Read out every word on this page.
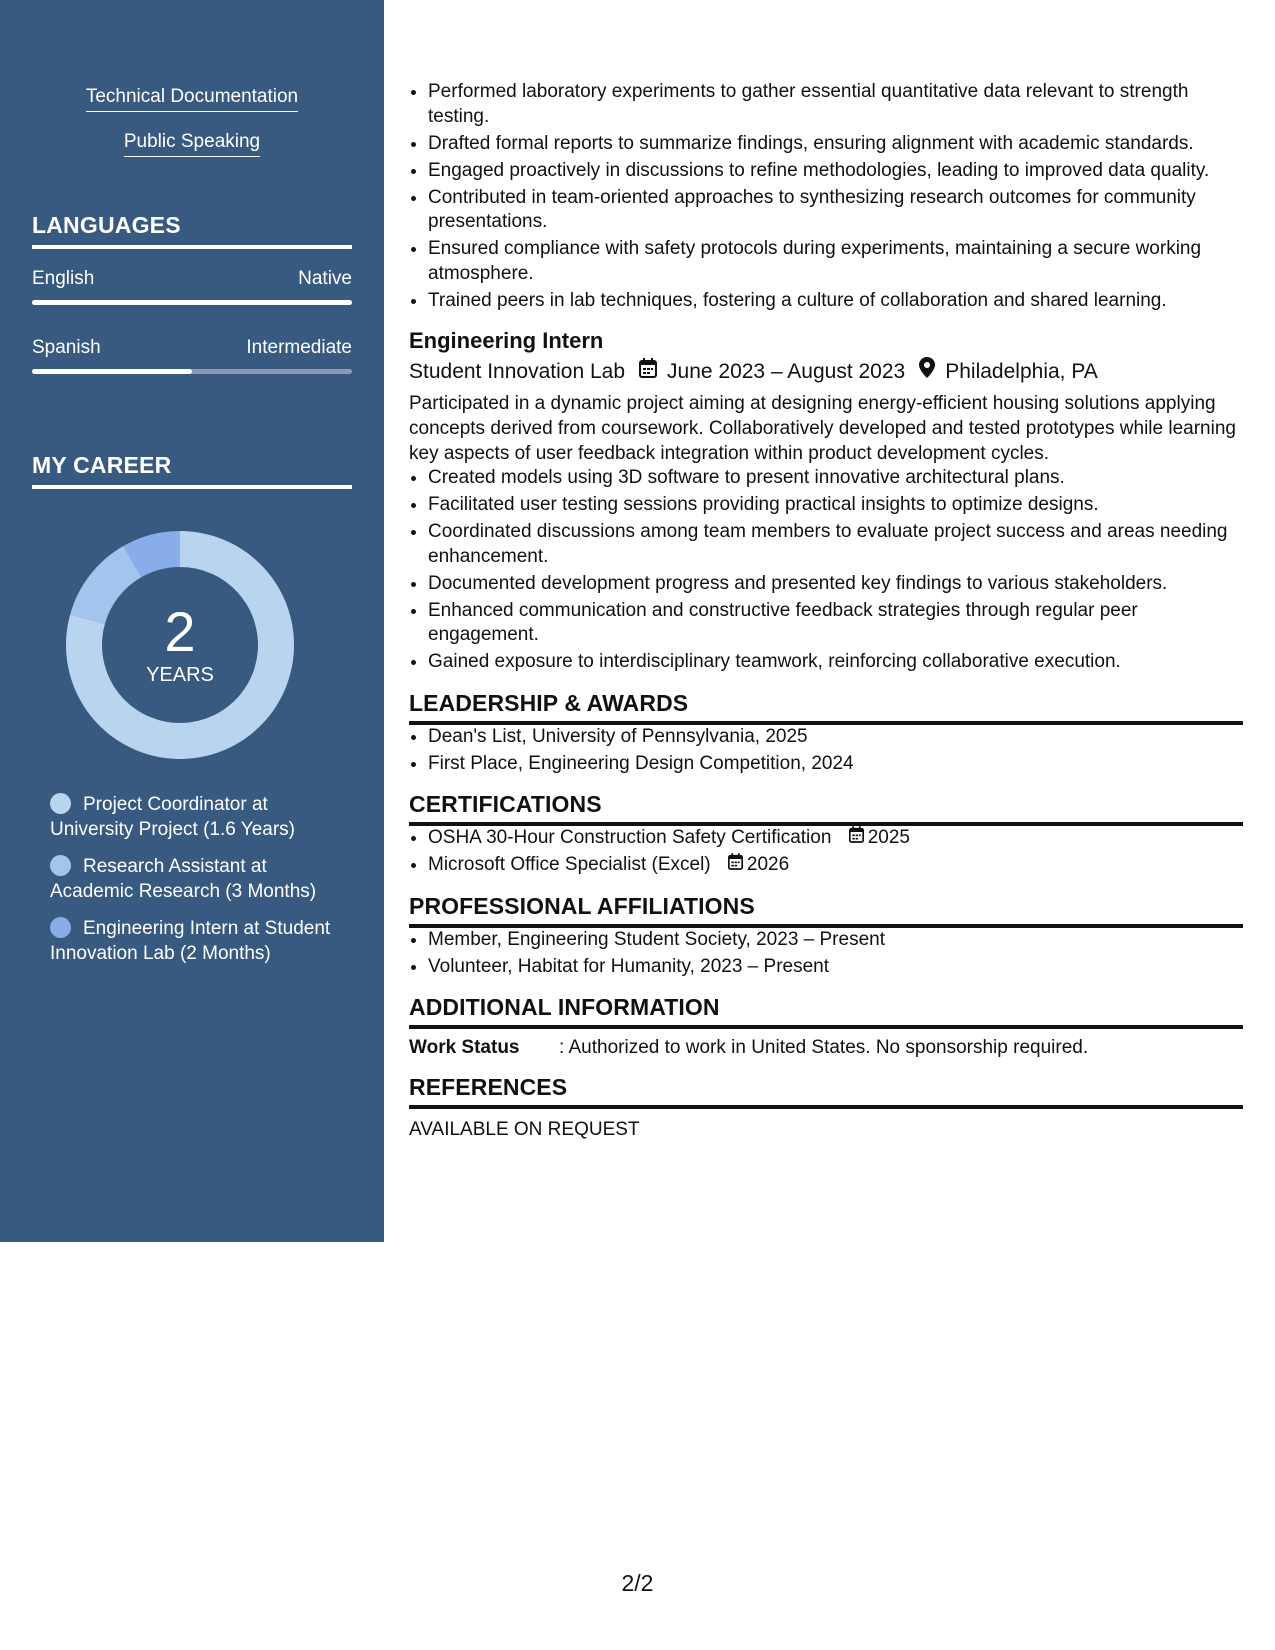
Technical Documentation
Public Speaking
LANGUAGES
English	Native
Spanish	Intermediate
MY CAREER
2
YEARS
Project Coordinator at University Project (1.6 Years)
Research Assistant at Academic Research (3 Months)
Engineering Intern at Student Innovation Lab (2 Months)
• Performed laboratory experiments to gather essential quantitative data relevant to strength testing.
• Drafted formal reports to summarize findings, ensuring alignment with academic standards.
• Engaged proactively in discussions to refine methodologies, leading to improved data quality.
• Contributed in team-oriented approaches to synthesizing research outcomes for community presentations.
• Ensured compliance with safety protocols during experiments, maintaining a secure working atmosphere.
• Trained peers in lab techniques, fostering a culture of collaboration and shared learning.
Engineering Intern
Student Innovation Lab June 2023 – August 2023 Philadelphia, PA
Participated in a dynamic project aiming at designing energy-efficient housing solutions applying concepts derived from coursework. Collaboratively developed and tested prototypes while learning key aspects of user feedback integration within product development cycles.
• Created models using 3D software to present innovative architectural plans.
• Facilitated user testing sessions providing practical insights to optimize designs.
• Coordinated discussions among team members to evaluate project success and areas needing enhancement.
• Documented development progress and presented key findings to various stakeholders.
• Enhanced communication and constructive feedback strategies through regular peer engagement.
• Gained exposure to interdisciplinary teamwork, reinforcing collaborative execution.
LEADERSHIP & AWARDS
• Dean's List, University of Pennsylvania, 2025
• First Place, Engineering Design Competition, 2024
CERTIFICATIONS
• OSHA 30-Hour Construction Safety Certification 2025
• Microsoft Office Specialist (Excel) 2026
PROFESSIONAL AFFILIATIONS
• Member, Engineering Student Society, 2023 – Present
• Volunteer, Habitat for Humanity, 2023 – Present
ADDITIONAL INFORMATION
Work Status	: Authorized to work in United States. No sponsorship required.
REFERENCES
AVAILABLE ON REQUEST
2/2
